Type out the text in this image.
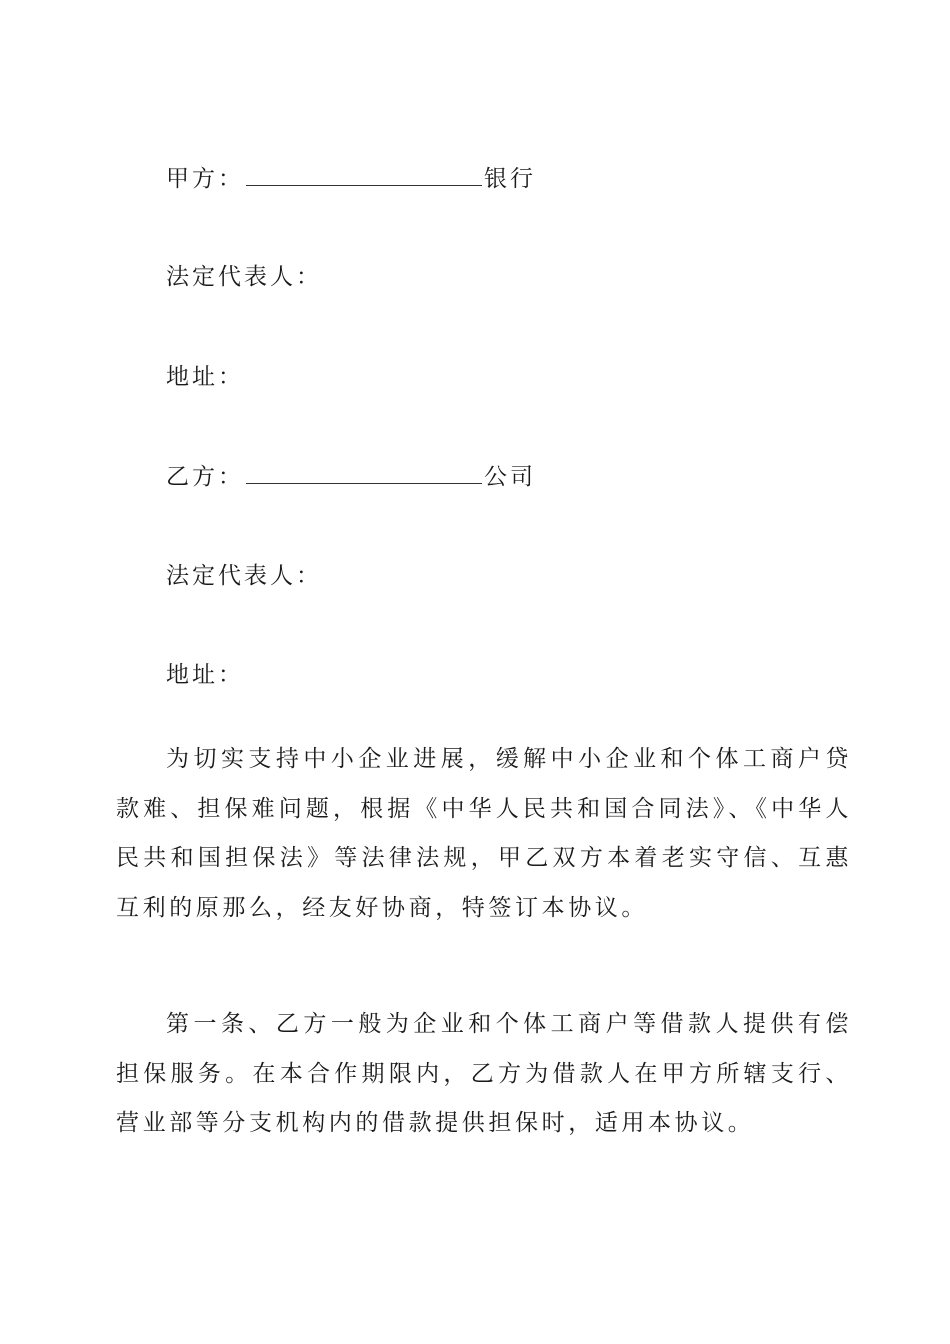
甲方：	银行
法定代表人：
地址：
乙方：	公司
法定代表人：
地址：

为切实支持中小企业进展，缓解中小企业和个体工商户贷款难、担保难问题，根据《中华人民共和国合同法》、《中华人民共和国担保法》等法律法规，甲乙双方本着老实守信、互惠互利的原那么，经友好协商，特签订本协议。

第一条、乙方一般为企业和个体工商户等借款人提供有偿担保服务。在本合作期限内，乙方为借款人在甲方所辖支行、营业部等分支机构内的借款提供担保时，适用本协议。
